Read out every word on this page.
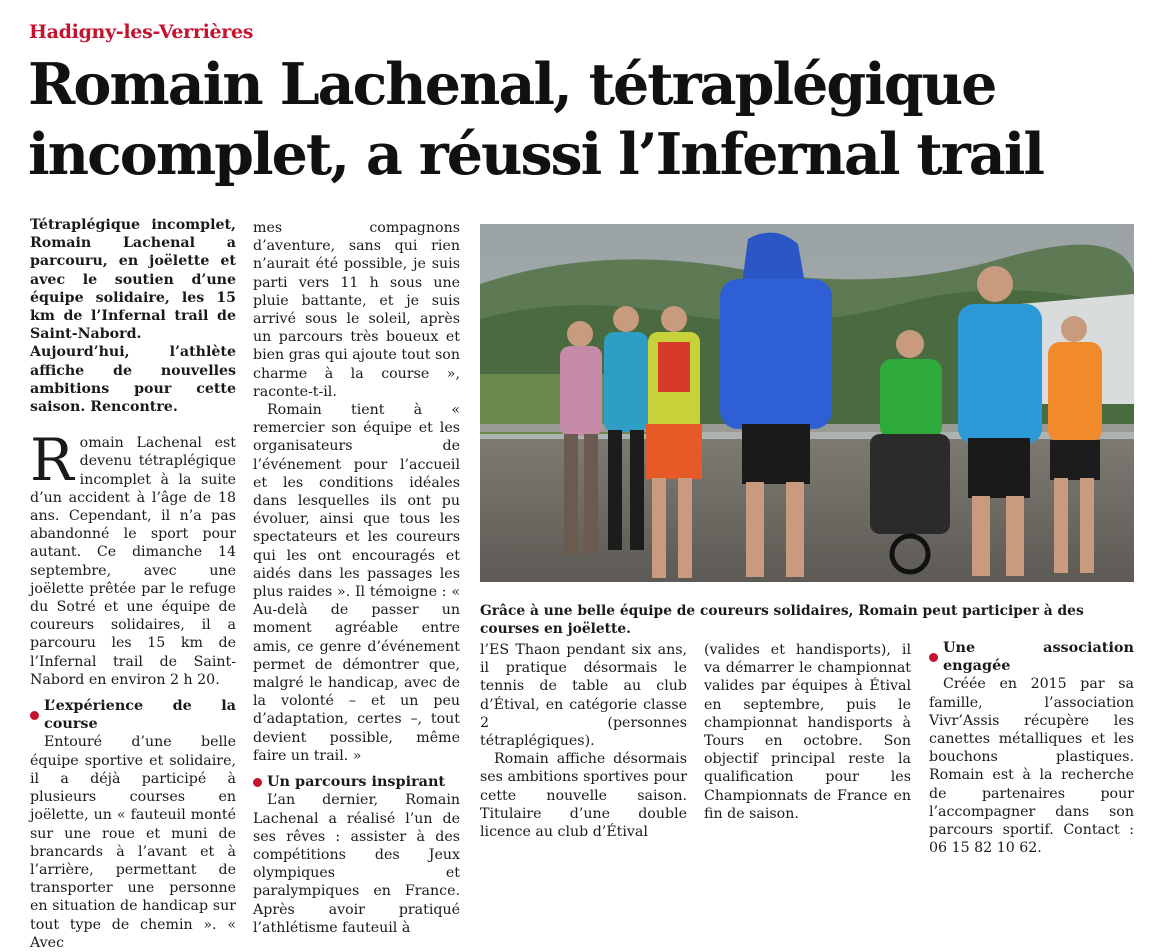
Hadigny-les-Verrières
Romain Lachenal, tétraplégique incomplet, a réussi l’Infernal trail

Tétraplégique incomplet, Romain Lachenal a parcouru, en joëlette et avec le soutien d’une équipe solidaire, les 15 km de l’Infernal trail de Saint-Nabord. Aujourd’hui, l’athlète affiche de nouvelles ambitions pour cette saison. Rencontre.

Romain Lachenal est devenu tétraplégique incomplet à la suite d’un accident à l’âge de 18 ans. Cependant, il n’a pas abandonné le sport pour autant. Ce dimanche 14 septembre, avec une joëlette prêtée par le refuge du Sotré et une équipe de coureurs solidaires, il a parcouru les 15 km de l’Infernal trail de Saint-Nabord en environ 2 h 20.

L’expérience de la course

Entouré d’une belle équipe sportive et solidaire, il a déjà participé à plusieurs courses en joëlette, un « fauteuil monté sur une roue et muni de brancards à l’avant et à l’arrière, permettant de transporter une personne en situation de handicap sur tout type de chemin ». « Avec

mes compagnons d’aventure, sans qui rien n’aurait été possible, je suis parti vers 11 h sous une pluie battante, et je suis arrivé sous le soleil, après un parcours très boueux et bien gras qui ajoute tout son charme à la course », raconte-t-il.

Romain tient à « remercier son équipe et les organisateurs de l’événement pour l’accueil et les conditions idéales dans lesquelles ils ont pu évoluer, ainsi que tous les spectateurs et les coureurs qui les ont encouragés et aidés dans les passages les plus raides ». Il témoigne : « Au-delà de passer un moment agréable entre amis, ce genre d’événement permet de démontrer que, malgré le handicap, avec de la volonté – et un peu d’adaptation, certes –, tout devient possible, même faire un trail. »

Un parcours inspirant

L’an dernier, Romain Lachenal a réalisé l’un de ses rêves : assister à des compétitions des Jeux olympiques et paralympiques en France. Après avoir pratiqué l’athlétisme fauteuil à

Grâce à une belle équipe de coureurs solidaires, Romain peut participer à des courses en joëlette.

l’ES Thaon pendant six ans, il pratique désormais le tennis de table au club d’Étival, en catégorie classe 2 (personnes tétraplégiques).

Romain affiche désormais ses ambitions sportives pour cette nouvelle saison. Titulaire d’une double licence au club d’Étival

(valides et handisports), il va démarrer le championnat valides par équipes à Étival en septembre, puis le championnat handisports à Tours en octobre. Son objectif principal reste la qualification pour les Championnats de France en fin de saison.

Une association engagée

Créée en 2015 par sa famille, l’association Vivr’Assis récupère les canettes métalliques et les bouchons plastiques. Romain est à la recherche de partenaires pour l’accompagner dans son parcours sportif. Contact : 06 15 82 10 62.
